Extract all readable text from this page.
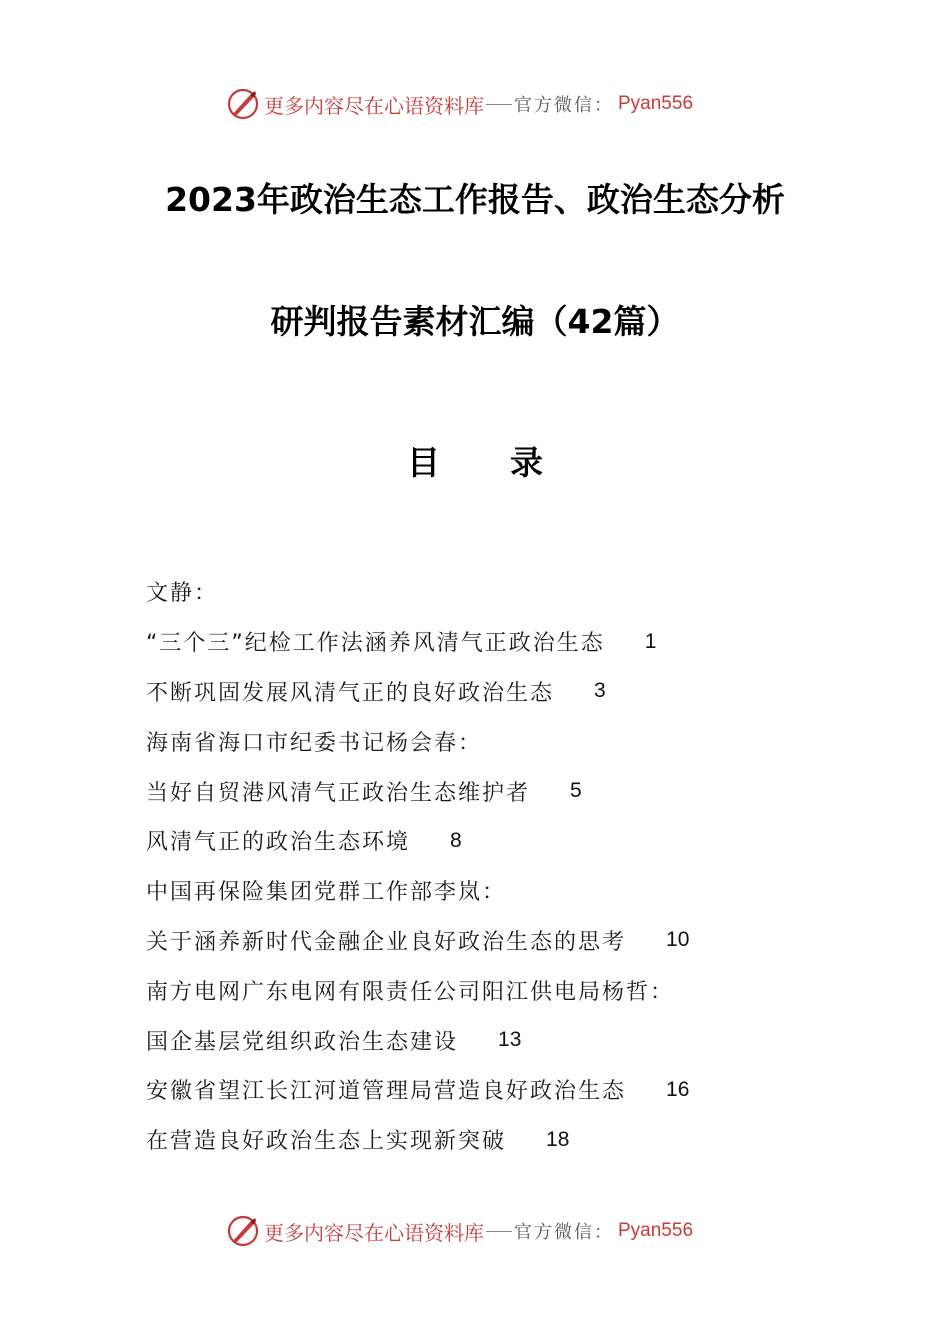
更多内容尽在心语资料库 官方微信： Pyan556
2023年政治生态工作报告、政治生态分析
研判报告素材汇编（42篇）
目录
文静：
“三个三”纪检工作法涵养风清气正政治生态 1
不断巩固发展风清气正的良好政治生态 3
海南省海口市纪委书记杨会春：
当好自贸港风清气正政治生态维护者 5
风清气正的政治生态环境 8
中国再保险集团党群工作部李岚：
关于涵养新时代金融企业良好政治生态的思考 10
南方电网广东电网有限责任公司阳江供电局杨哲：
国企基层党组织政治生态建设 13
安徽省望江长江河道管理局营造良好政治生态 16
在营造良好政治生态上实现新突破 18
更多内容尽在心语资料库 官方微信： Pyan556
